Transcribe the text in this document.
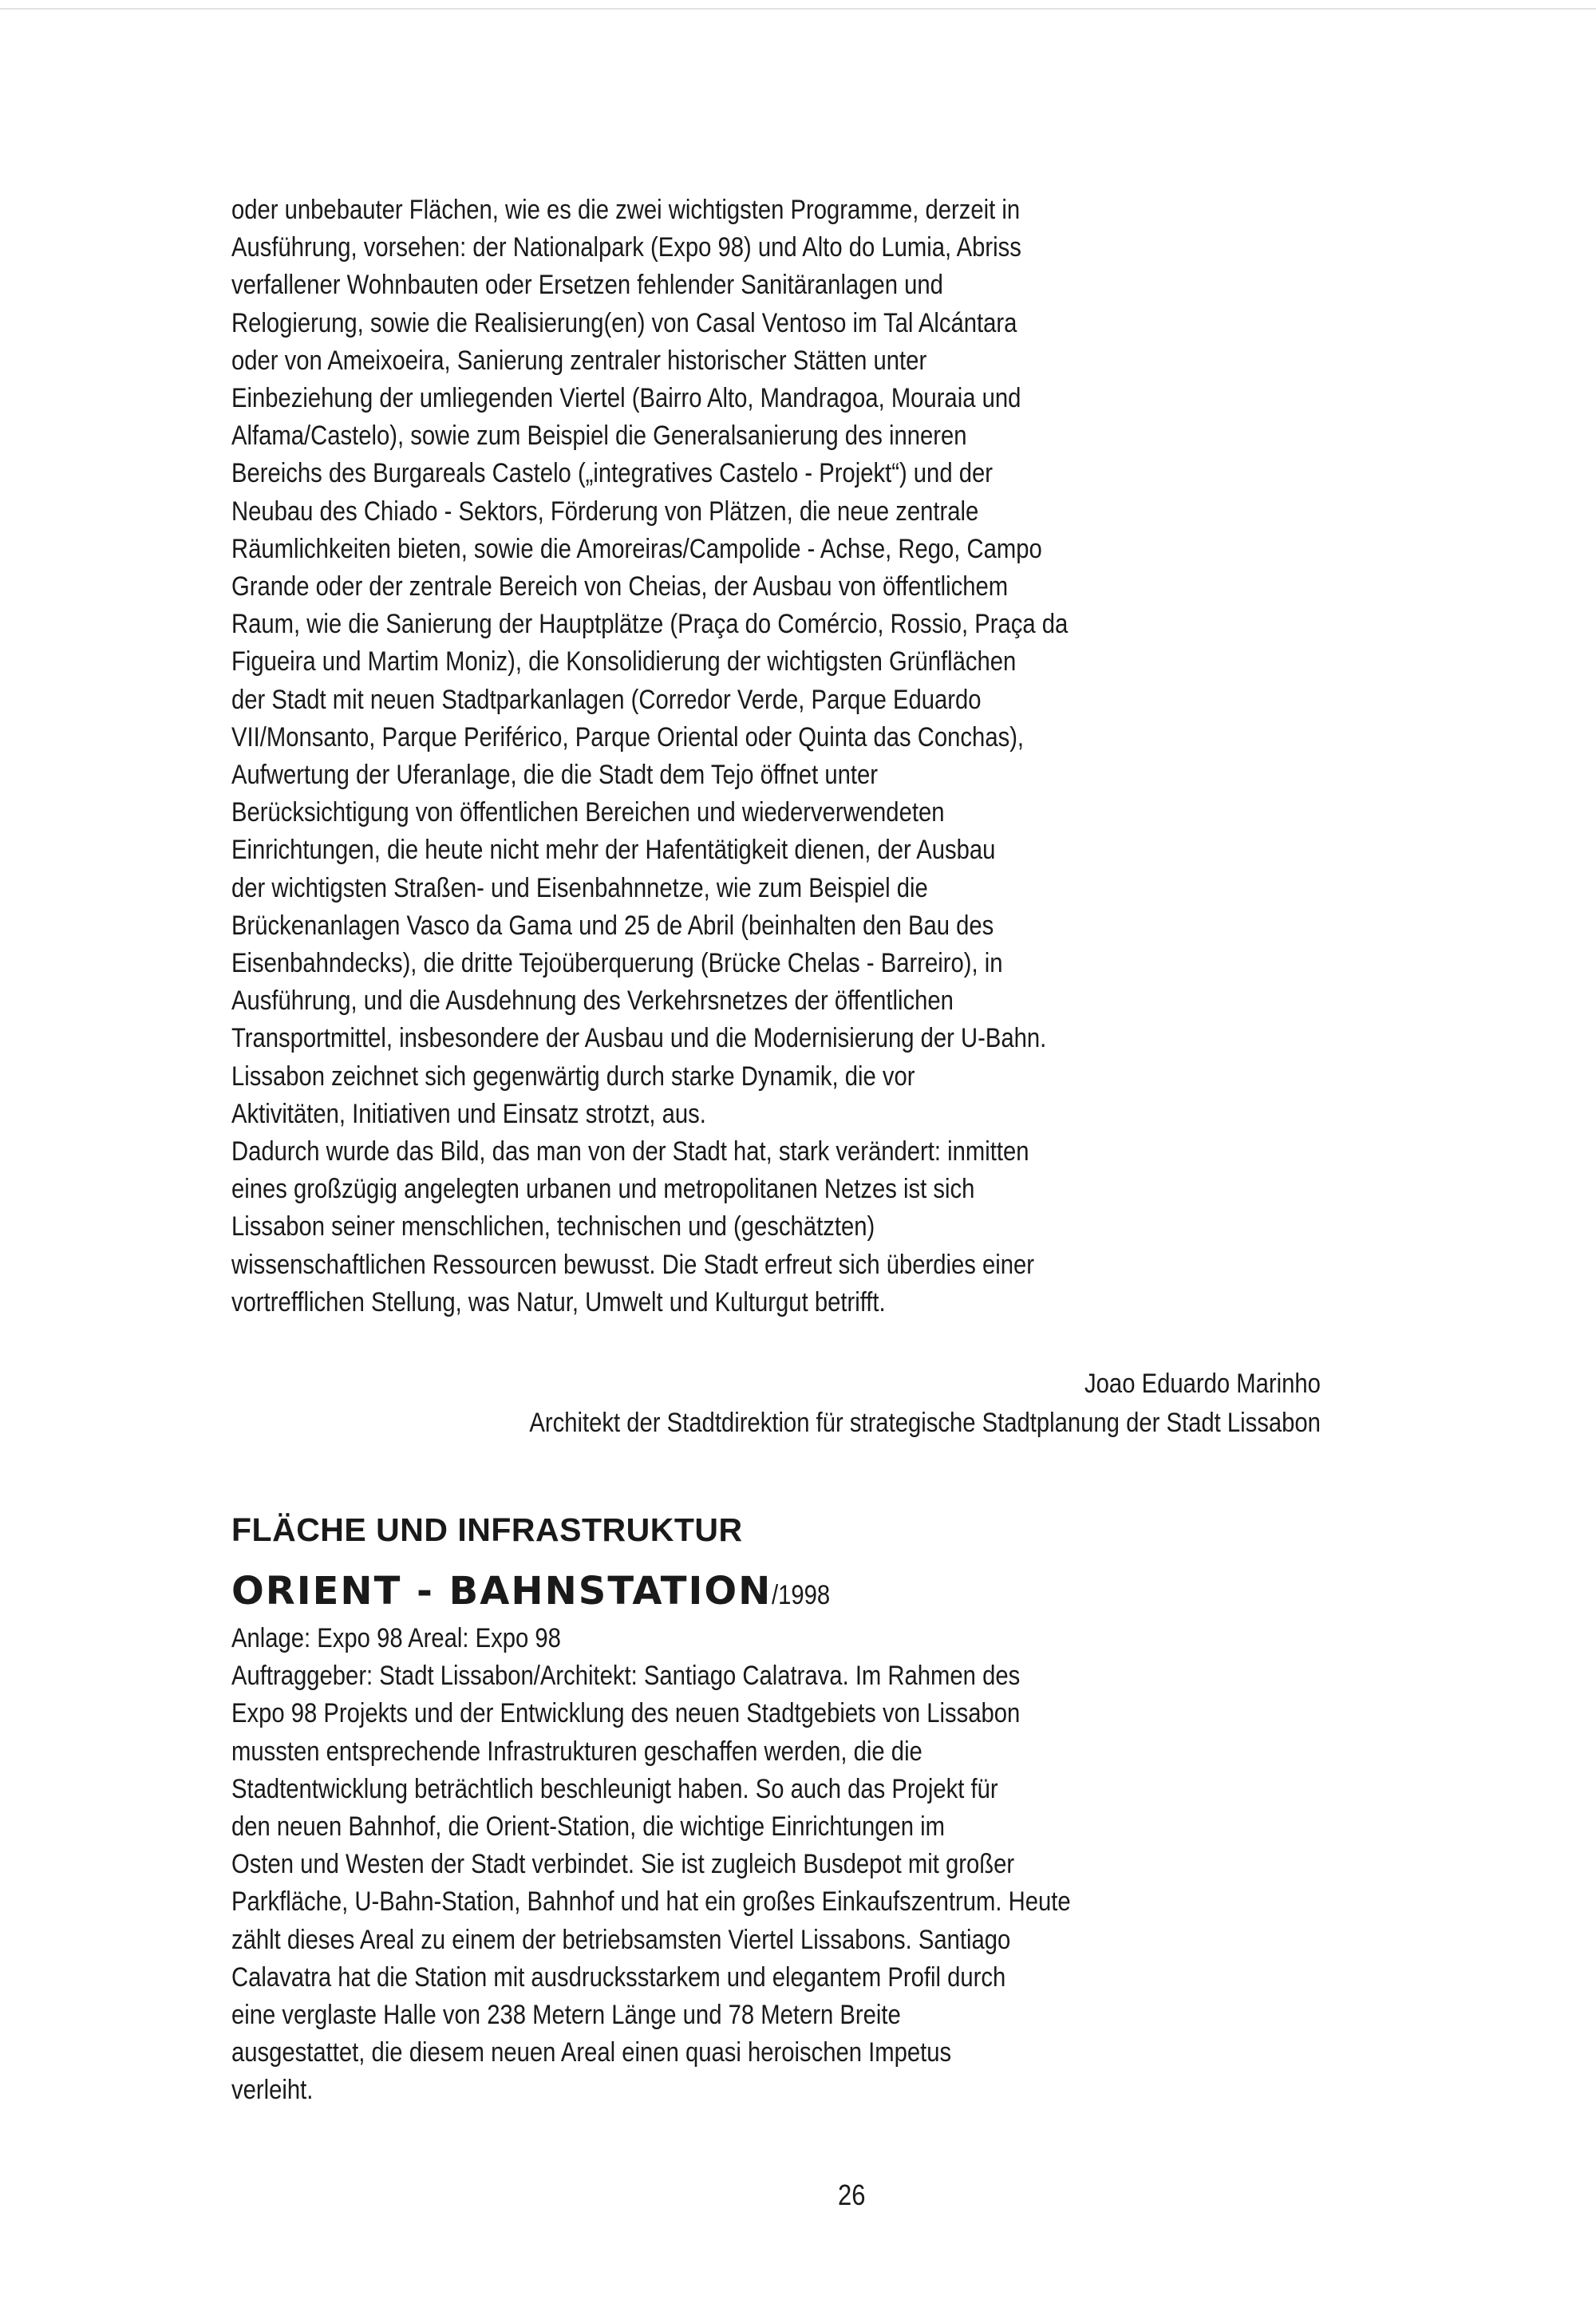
oder unbebauter Flächen, wie es die zwei wichtigsten Programme, derzeit in
Ausführung, vorsehen: der Nationalpark (Expo 98) und Alto do Lumia, Abriss
verfallener Wohnbauten oder Ersetzen fehlender Sanitäranlagen und
Relogierung, sowie die Realisierung(en) von Casal Ventoso im Tal Alcántara
oder von Ameixoeira, Sanierung zentraler historischer Stätten unter
Einbeziehung der umliegenden Viertel (Bairro Alto, Mandragoa, Mouraia und
Alfama/Castelo), sowie zum Beispiel die Generalsanierung des inneren
Bereichs des Burgareals Castelo („integratives Castelo - Projekt“) und der
Neubau des Chiado - Sektors, Förderung von Plätzen, die neue zentrale
Räumlichkeiten bieten, sowie die Amoreiras/Campolide - Achse, Rego, Campo
Grande oder der zentrale Bereich von Cheias, der Ausbau von öffentlichem
Raum, wie die Sanierung der Hauptplätze (Praça do Comércio, Rossio, Praça da
Figueira und Martim Moniz), die Konsolidierung der wichtigsten Grünflächen
der Stadt mit neuen Stadtparkanlagen (Corredor Verde, Parque Eduardo
VII/Monsanto, Parque Periférico, Parque Oriental oder Quinta das Conchas),
Aufwertung der Uferanlage, die die Stadt dem Tejo öffnet unter
Berücksichtigung von öffentlichen Bereichen und wiederverwendeten
Einrichtungen, die heute nicht mehr der Hafentätigkeit dienen, der Ausbau
der wichtigsten Straßen- und Eisenbahnnetze, wie zum Beispiel die
Brückenanlagen Vasco da Gama und 25 de Abril (beinhalten den Bau des
Eisenbahndecks), die dritte Tejoüberquerung (Brücke Chelas - Barreiro), in
Ausführung, und die Ausdehnung des Verkehrsnetzes der öffentlichen
Transportmittel, insbesondere der Ausbau und die Modernisierung der U-Bahn.
Lissabon zeichnet sich gegenwärtig durch starke Dynamik, die vor
Aktivitäten, Initiativen und Einsatz strotzt, aus.
Dadurch wurde das Bild, das man von der Stadt hat, stark verändert: inmitten
eines großzügig angelegten urbanen und metropolitanen Netzes ist sich
Lissabon seiner menschlichen, technischen und (geschätzten)
wissenschaftlichen Ressourcen bewusst. Die Stadt erfreut sich überdies einer
vortrefflichen Stellung, was Natur, Umwelt und Kulturgut betrifft.
Joao Eduardo Marinho
Architekt der Stadtdirektion für strategische Stadtplanung der Stadt Lissabon
FLÄCHE UND INFRASTRUKTUR
ORIENT - BAHNSTATION/1998
Anlage: Expo 98 Areal: Expo 98
Auftraggeber: Stadt Lissabon/Architekt: Santiago Calatrava. Im Rahmen des
Expo 98 Projekts und der Entwicklung des neuen Stadtgebiets von Lissabon
mussten entsprechende Infrastrukturen geschaffen werden, die die
Stadtentwicklung beträchtlich beschleunigt haben. So auch das Projekt für
den neuen Bahnhof, die Orient-Station, die wichtige Einrichtungen im
Osten und Westen der Stadt verbindet. Sie ist zugleich Busdepot mit großer
Parkfläche, U-Bahn-Station, Bahnhof und hat ein großes Einkaufszentrum. Heute
zählt dieses Areal zu einem der betriebsamsten Viertel Lissabons. Santiago
Calavatra hat die Station mit ausdrucksstarkem und elegantem Profil durch
eine verglaste Halle von 238 Metern Länge und 78 Metern Breite
ausgestattet, die diesem neuen Areal einen quasi heroischen Impetus
verleiht.
26
